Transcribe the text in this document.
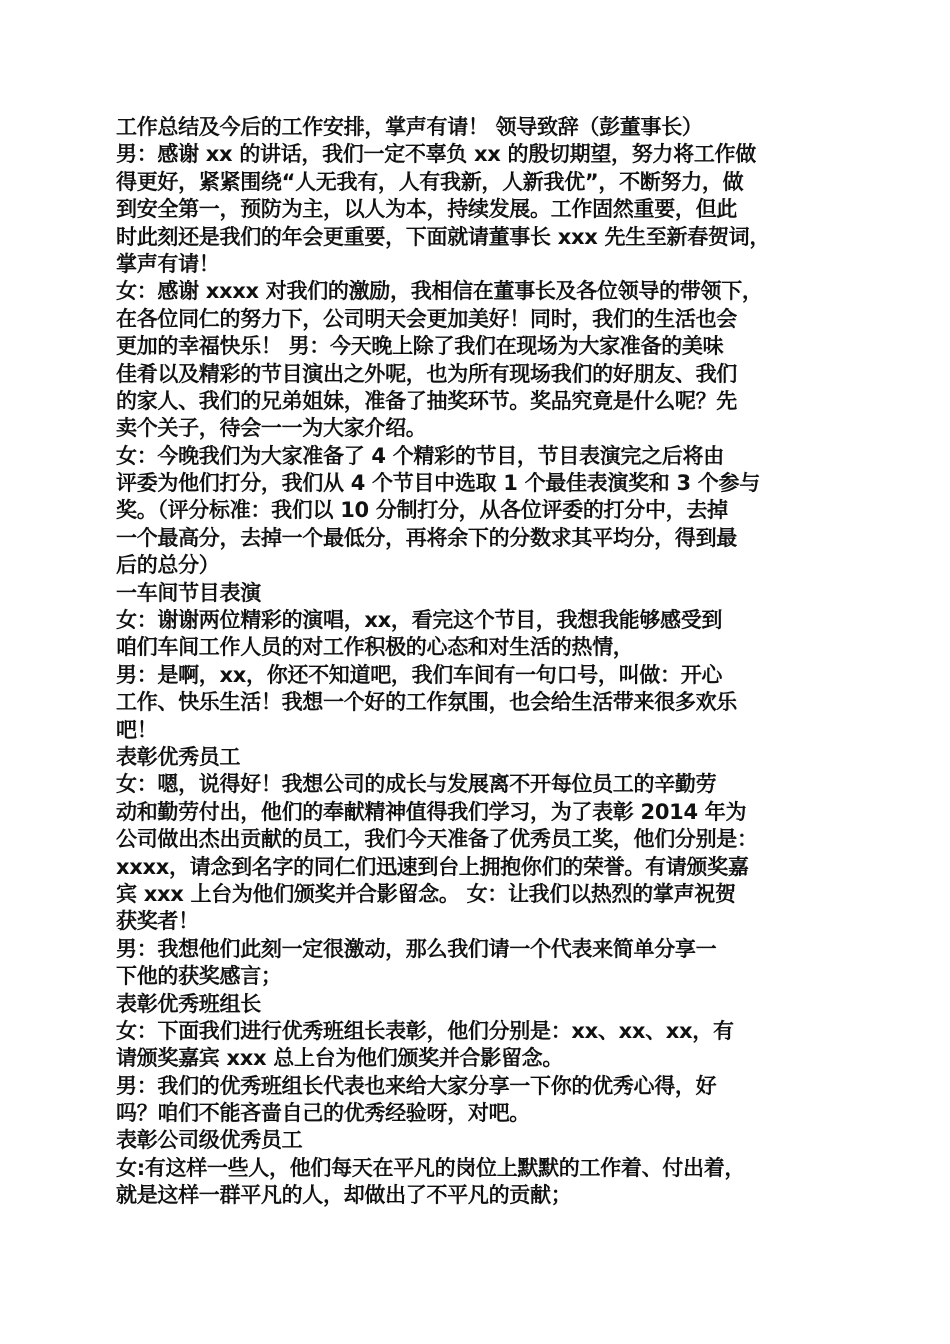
工作总结及今后的工作安排，掌声有请！ 领导致辞（彭董事长）
男：感谢 xx 的讲话，我们一定不辜负 xx 的殷切期望，努力将工作做
得更好，紧紧围绕“人无我有，人有我新，人新我优”，不断努力，做
到安全第一，预防为主，以人为本，持续发展。工作固然重要，但此
时此刻还是我们的年会更重要，下面就请董事长 xxx 先生至新春贺词，
掌声有请！
女：感谢 xxxx 对我们的激励，我相信在董事长及各位领导的带领下，
在各位同仁的努力下，公司明天会更加美好！同时，我们的生活也会
更加的幸福快乐！ 男：今天晚上除了我们在现场为大家准备的美味
佳肴以及精彩的节目演出之外呢，也为所有现场我们的好朋友、我们
的家人、我们的兄弟姐妹，准备了抽奖环节。奖品究竟是什么呢？先
卖个关子，待会一一为大家介绍。
女：今晚我们为大家准备了 4 个精彩的节目，节目表演完之后将由
评委为他们打分，我们从 4 个节目中选取 1 个最佳表演奖和 3 个参与
奖。（评分标准：我们以 10 分制打分，从各位评委的打分中，去掉
一个最高分，去掉一个最低分，再将余下的分数求其平均分，得到最
后的总分）
一车间节目表演
女：谢谢两位精彩的演唱，xx，看完这个节目，我想我能够感受到
咱们车间工作人员的对工作积极的心态和对生活的热情，
男：是啊，xx，你还不知道吧，我们车间有一句口号，叫做：开心
工作、快乐生活！我想一个好的工作氛围，也会给生活带来很多欢乐
吧！
表彰优秀员工
女：嗯，说得好！我想公司的成长与发展离不开每位员工的辛勤劳
动和勤劳付出，他们的奉献精神值得我们学习，为了表彰 2014 年为
公司做出杰出贡献的员工，我们今天准备了优秀员工奖，他们分别是：
xxxx，请念到名字的同仁们迅速到台上拥抱你们的荣誉。有请颁奖嘉
宾 xxx 上台为他们颁奖并合影留念。 女：让我们以热烈的掌声祝贺
获奖者！
男：我想他们此刻一定很激动，那么我们请一个代表来简单分享一
下他的获奖感言；
表彰优秀班组长
女：下面我们进行优秀班组长表彰，他们分别是：xx、xx、xx，有
请颁奖嘉宾 xxx 总上台为他们颁奖并合影留念。
男：我们的优秀班组长代表也来给大家分享一下你的优秀心得，好
吗？咱们不能吝啬自己的优秀经验呀，对吧。
表彰公司级优秀员工
女:有这样一些人，他们每天在平凡的岗位上默默的工作着、付出着，
就是这样一群平凡的人，却做出了不平凡的贡献；
